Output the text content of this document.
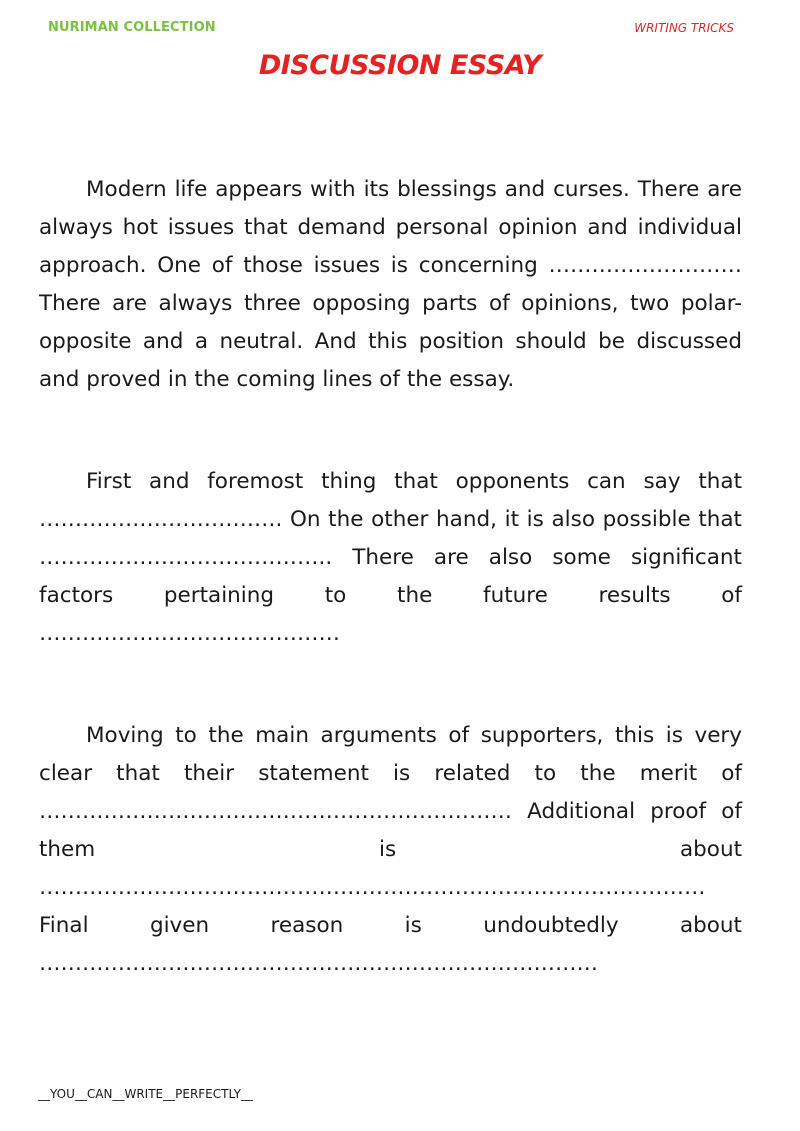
NURIMAN COLLECTION	WRITING TRICKS
DISCUSSION ESSAY

Modern life appears with its blessings and curses. There are always hot issues that demand personal opinion and individual approach. One of those issues is concerning ……………………… There are always three opposing parts of opinions, two polar-opposite and a neutral. And this position should be discussed and proved in the coming lines of the essay.

First and foremost thing that opponents can say that ……………………………. On the other hand, it is also possible that ………………………………….. There are also some significant factors pertaining to the future results of ……………………………………

Moving to the main arguments of supporters, this is very clear that their statement is related to the merit of ………………………………………………………… Additional proof of them is about ………………………………………………………………………………… Final given reason is undoubtedly about ……………………………………………………………………

__YOU__CAN__WRITE__PERFECTLY__
